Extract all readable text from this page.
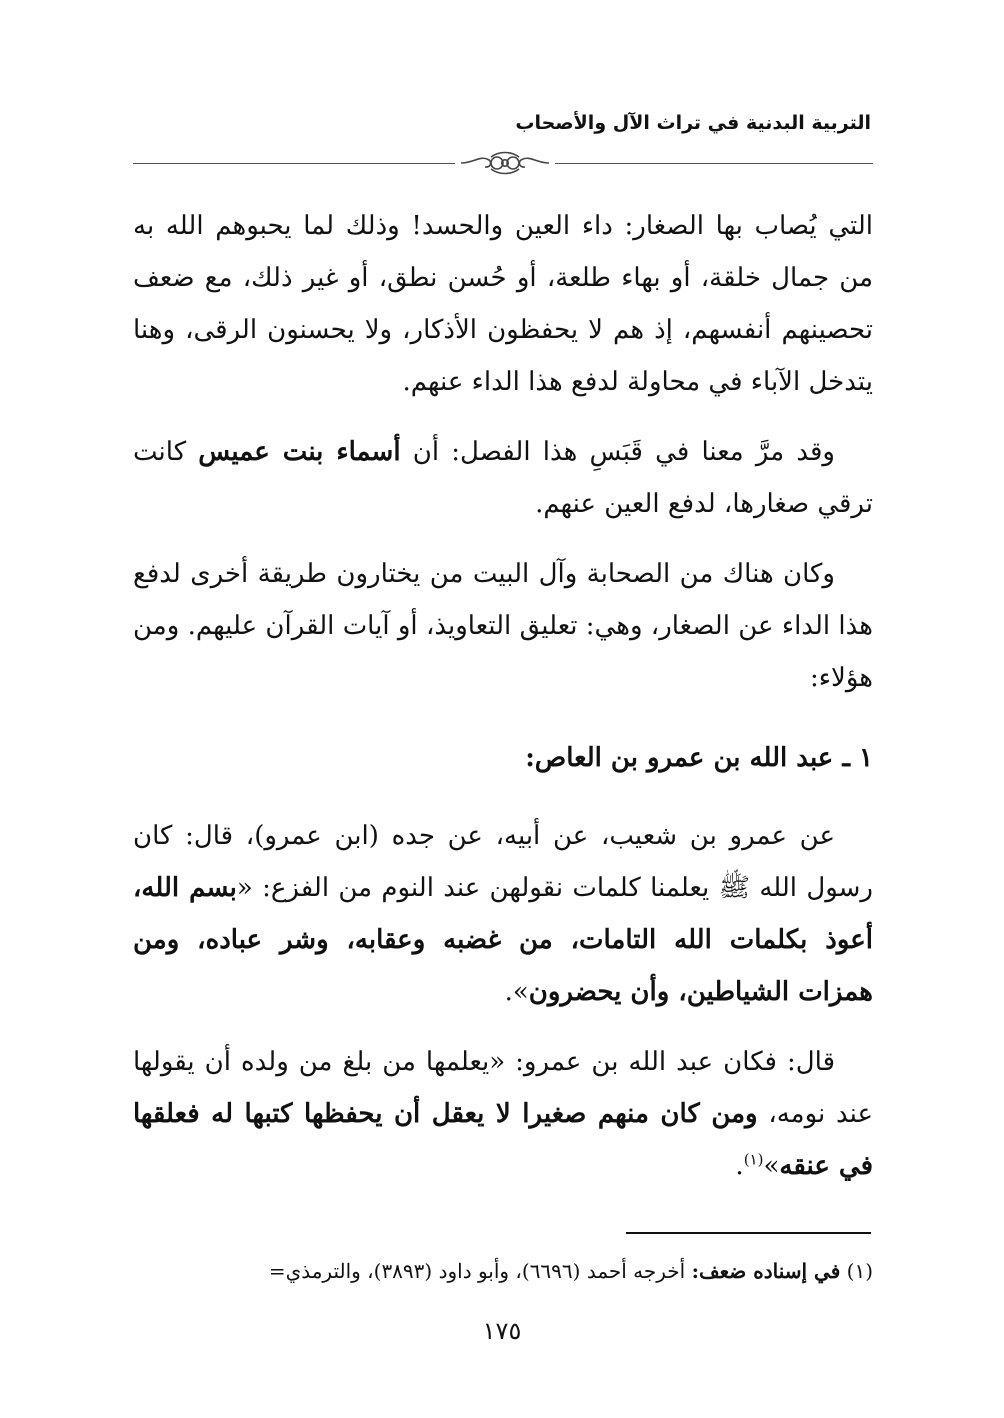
التربية البدنية في تراث الآل والأصحاب

التي يُصاب بها الصغار: داء العين والحسد! وذلك لما يحبوهم الله به من جمال خلقة، أو بهاء طلعة، أو حُسن نطق، أو غير ذلك، مع ضعف تحصينهم أنفسهم، إذ هم لا يحفظون الأذكار، ولا يحسنون الرقى، وهنا يتدخل الآباء في محاولة لدفع هذا الداء عنهم.

وقد مرَّ معنا في قَبَسِ هذا الفصل: أن أسماء بنت عميس كانت ترقي صغارها، لدفع العين عنهم.

وكان هناك من الصحابة وآل البيت من يختارون طريقة أخرى لدفع هذا الداء عن الصغار، وهي: تعليق التعاويذ، أو آيات القرآن عليهم. ومن هؤلاء:

١ ـ عبد الله بن عمرو بن العاص:

عن عمرو بن شعيب، عن أبيه، عن جده (ابن عمرو)، قال: كان رسول الله ﷺ يعلمنا كلمات نقولهن عند النوم من الفزع: «بسم الله، أعوذ بكلمات الله التامات، من غضبه وعقابه، وشر عباده، ومن همزات الشياطين، وأن يحضرون».

قال: فكان عبد الله بن عمرو: «يعلمها من بلغ من ولده أن يقولها عند نومه، ومن كان منهم صغيرا لا يعقل أن يحفظها كتبها له فعلقها في عنقه»$^{(١)}$.

(١) في إسناده ضعف: أخرجه أحمد (٦٦٩٦)، وأبو داود (٣٨٩٣)، والترمذي=
١٧٥
